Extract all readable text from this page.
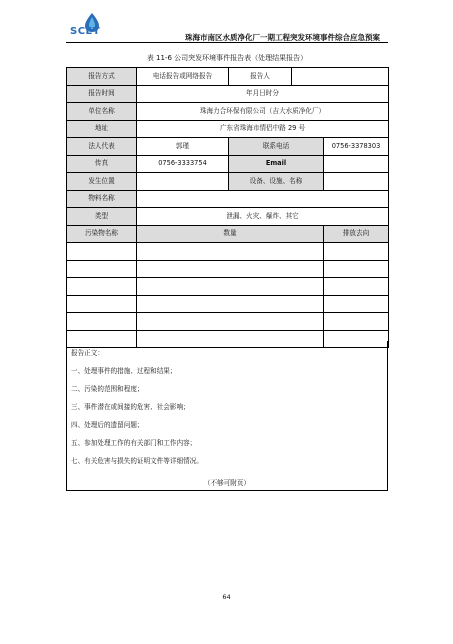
SCET
珠海市南区水质净化厂一期工程突发环境事件综合应急预案
表 11-6 公司突发环境事件报告表（处理结果报告）
报告方式	电话报告或网络报告	报告人		
报告时间	年月日时分			
单位名称	珠海力合环保有限公司（吉大水质净化厂）			
地址	广东省珠海市情侣中路 29 号			
法人代表	郭瑾	联系电话		0756-3378303
传真	0756-3333754	Email		
发生位置		设备、设施、名称		
物料名称				
类型	泄漏、火灾、爆炸、其它			
污染物名称	数量			排放去向

报告正文：
一、处理事件的措施、过程和结果；
二、污染的范围和程度；
三、事件潜在或间接的危害、社会影响；
四、处理后的遗留问题；
五、参加处理工作的有关部门和工作内容；
七、有关危害与损失的证明文件等详细情况。
（不够可附页）
64
